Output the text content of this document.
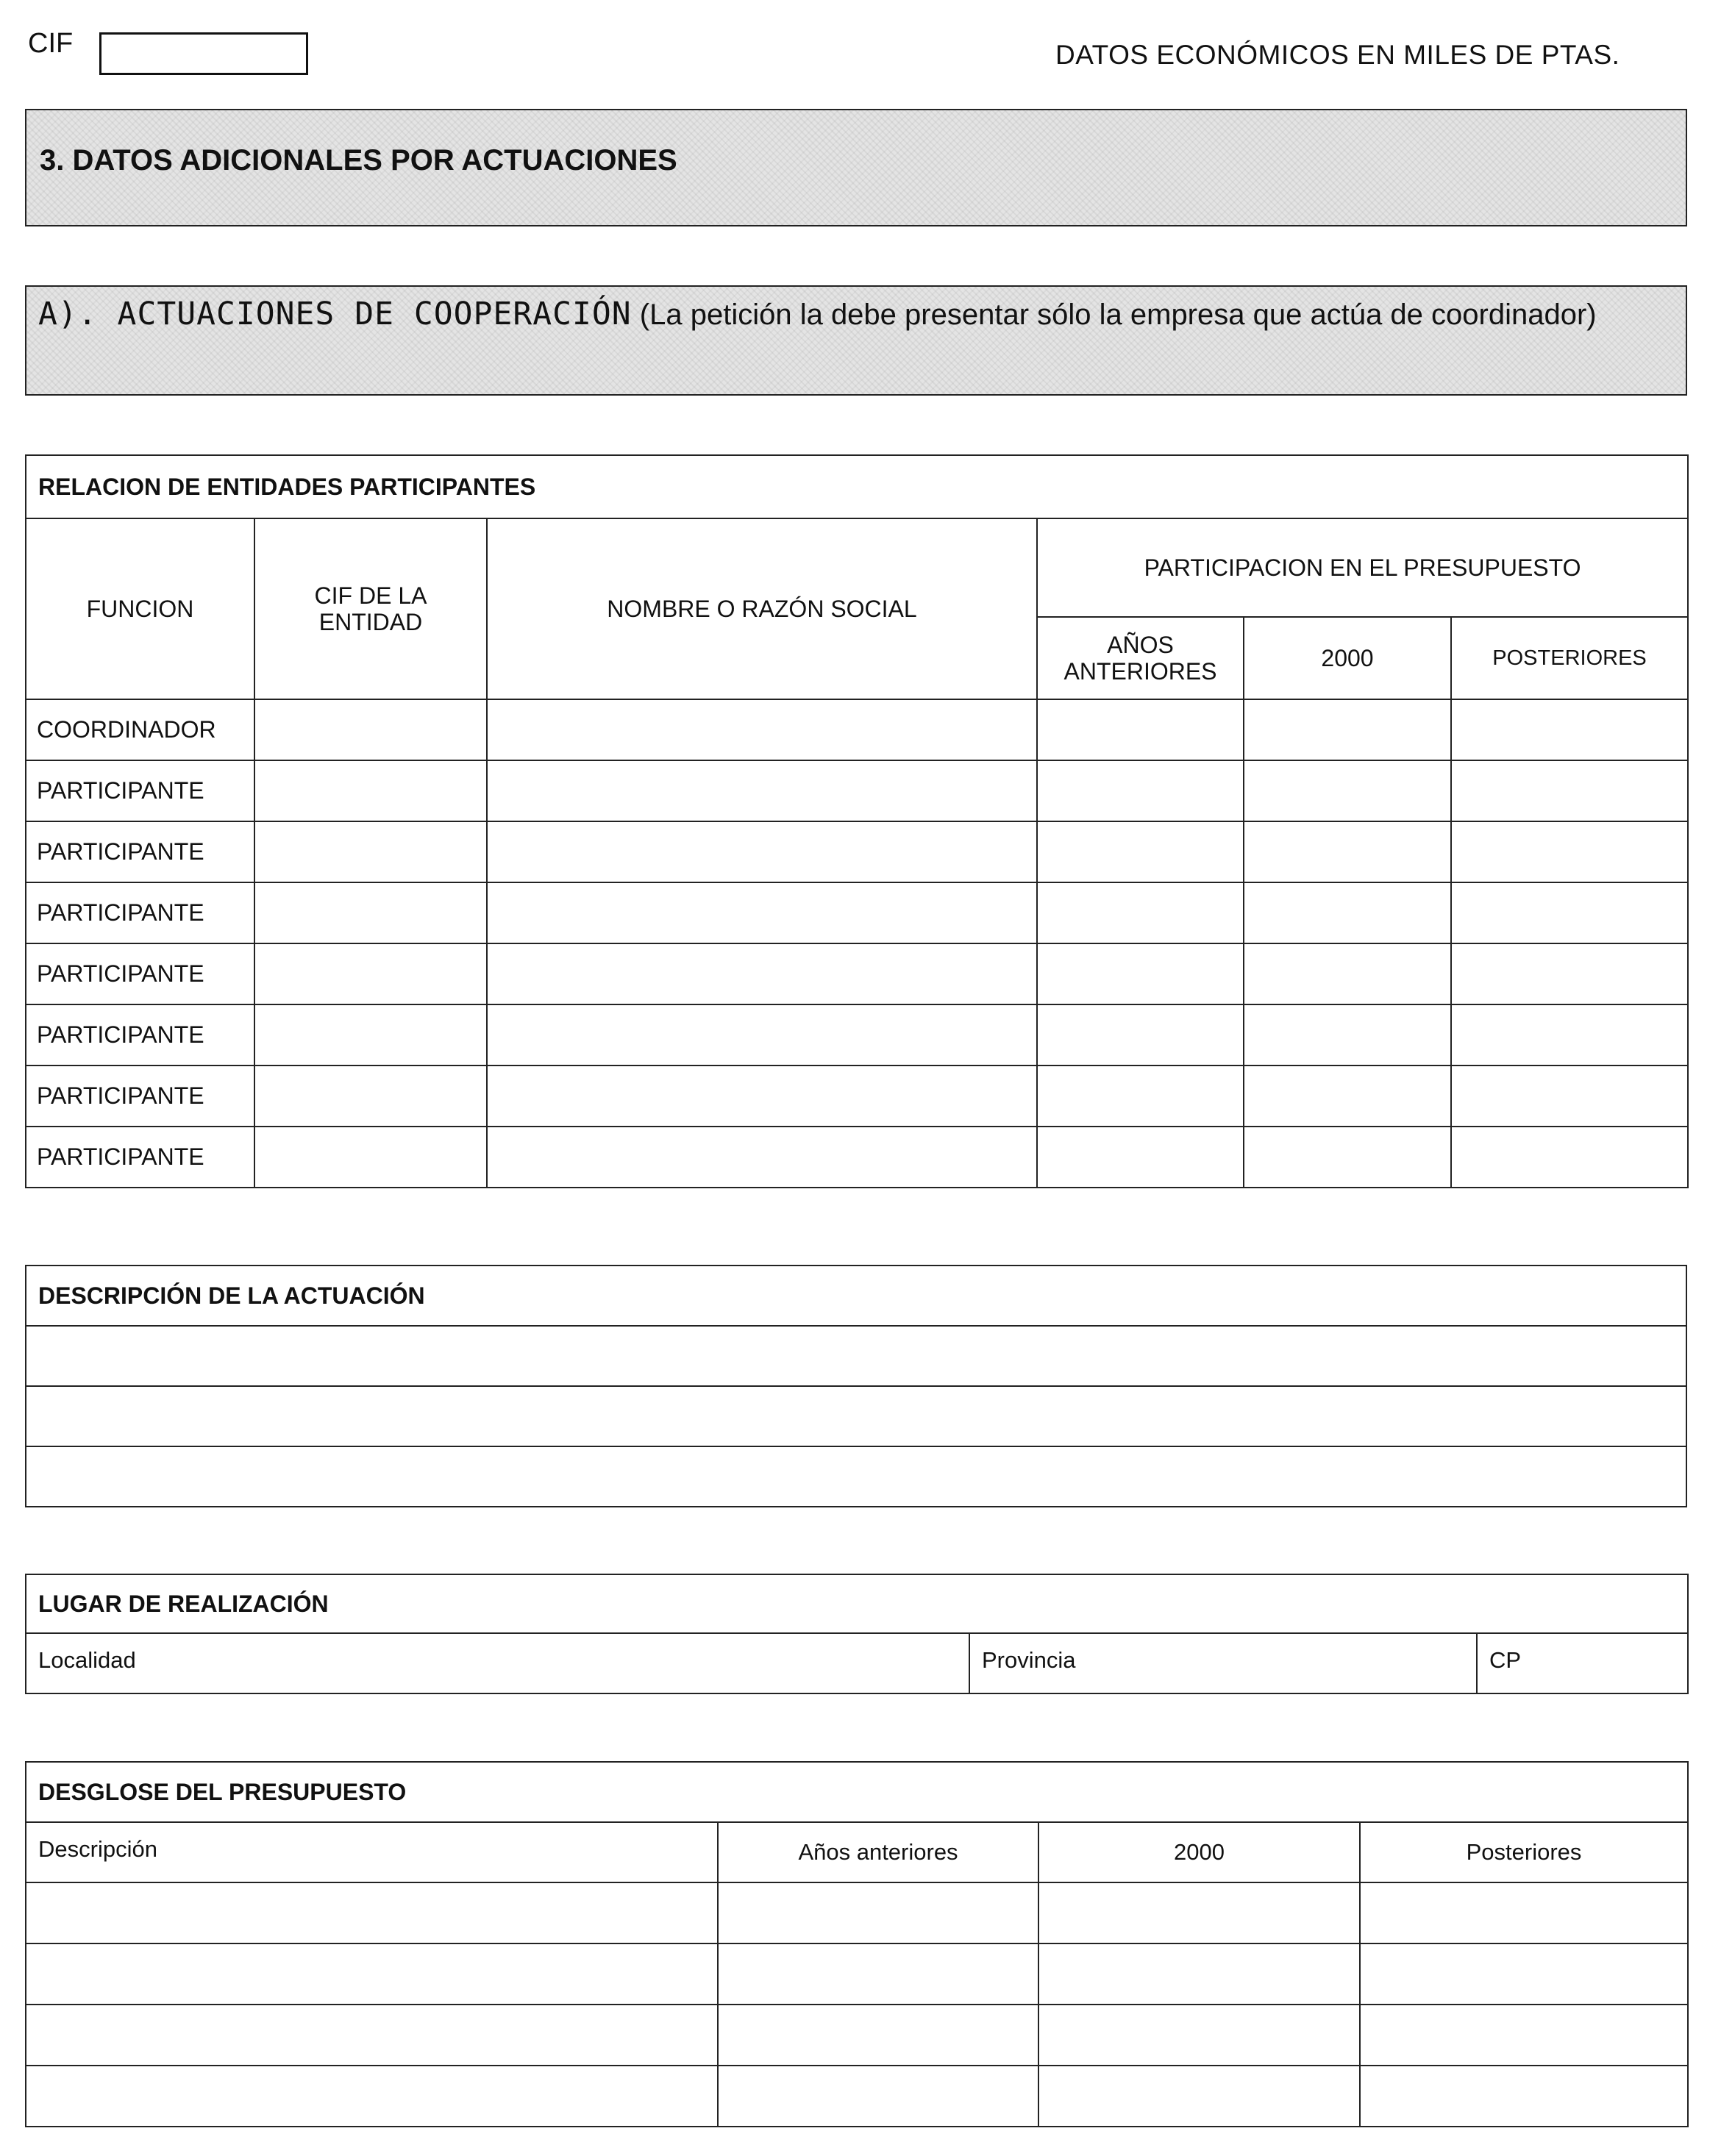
CIF	DATOS ECONÓMICOS EN MILES DE PTAS.
3. DATOS ADICIONALES POR ACTUACIONES
A). ACTUACIONES DE COOPERACIÓN (La petición la debe presentar sólo la empresa que actúa de coordinador)
RELACION DE ENTIDADES PARTICIPANTES					
FUNCION	CIF DE LA ENTIDAD	NOMBRE O RAZÓN SOCIAL	PARTICIPACION EN EL PRESUPUESTO		

			AÑOS ANTERIORES	2000	POSTERIORES
COORDINADOR					
PARTICIPANTE					
PARTICIPANTE					
PARTICIPANTE					
PARTICIPANTE					
PARTICIPANTE					
PARTICIPANTE					
PARTICIPANTE					
DESCRIPCIÓN DE LA ACTUACIÓN

LUGAR DE REALIZACIÓN
Localidad	Provincia	CP
DESGLOSE DEL PRESUPUESTO			
Descripción	Años anteriores	2000	Posteriores
